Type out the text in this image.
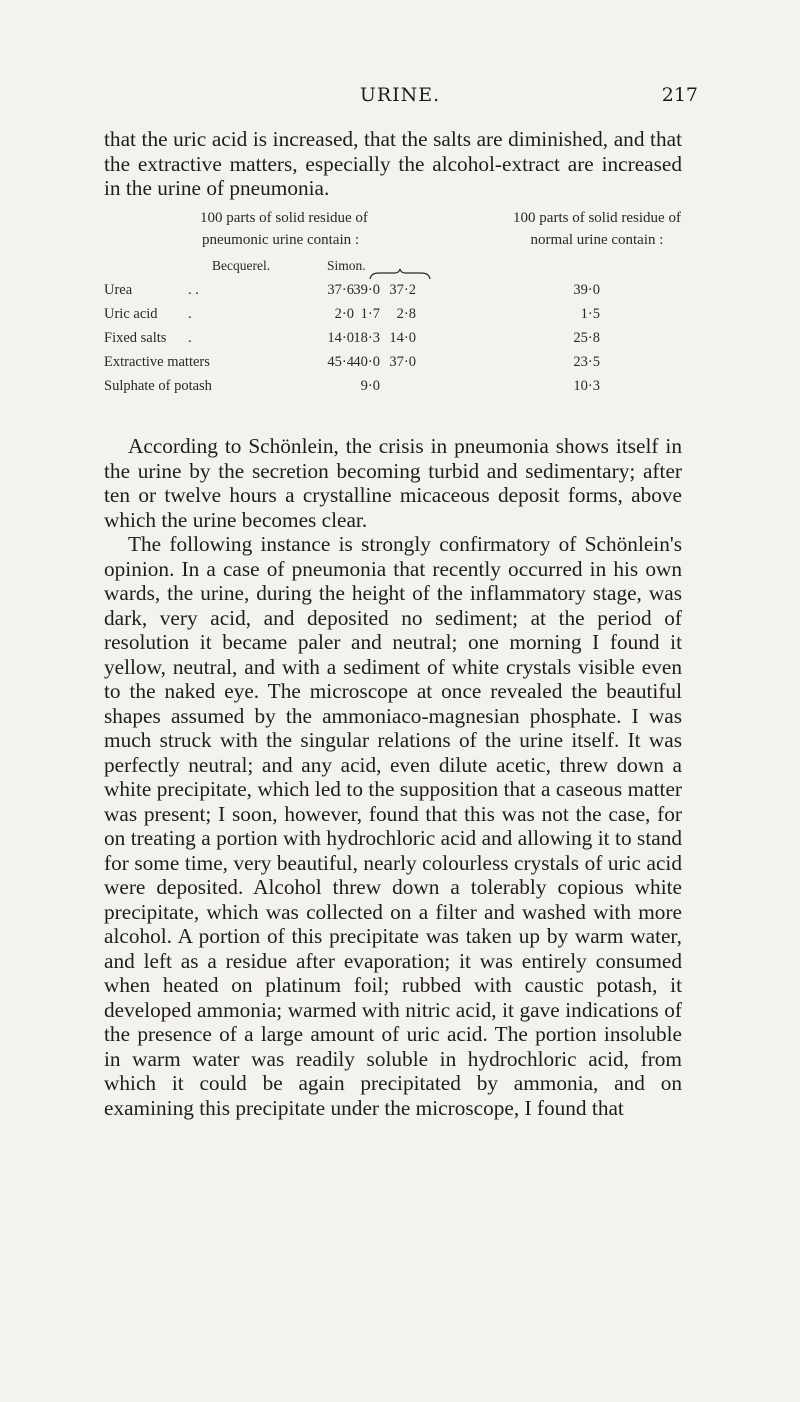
URINE.	217

that the uric acid is increased, that the salts are diminished, and that the extractive matters, especially the alcohol-extract are increased in the urine of pneumonia.

100 parts of solid residue of
pneumonic urine contain :
100 parts of solid residue of
normal urine contain :
Becquerel.	Simon.
Urea	. .	37·6 39·0 37·2	39·0
Uric acid .	2·0 1·7	2·8	1·5
Fixed salts .	14·0 18·3 14·0	25·8
Extractive matters	45·4 40·0 37·0	23·5
Sulphate of potash	9·0	10·3

According to Schönlein, the crisis in pneumonia shows itself in the urine by the secretion becoming turbid and sedimentary; after ten or twelve hours a crystalline micaceous deposit forms, above which the urine becomes clear.

The following instance is strongly confirmatory of Schönlein's opinion. In a case of pneumonia that recently occurred in his own wards, the urine, during the height of the inflammatory stage, was dark, very acid, and deposited no sediment; at the period of resolution it became paler and neutral; one morning I found it yellow, neutral, and with a sediment of white crystals visible even to the naked eye. The microscope at once revealed the beautiful shapes assumed by the ammoniaco-magnesian phosphate. I was much struck with the singular relations of the urine itself. It was perfectly neutral; and any acid, even dilute acetic, threw down a white precipitate, which led to the supposition that a caseous matter was present; I soon, however, found that this was not the case, for on treating a portion with hydrochloric acid and allowing it to stand for some time, very beautiful, nearly colourless crystals of uric acid were deposited. Alcohol threw down a tolerably copious white precipitate, which was collected on a filter and washed with more alcohol. A portion of this precipitate was taken up by warm water, and left as a residue after evaporation; it was entirely consumed when heated on platinum foil; rubbed with caustic potash, it developed ammonia; warmed with nitric acid, it gave indications of the presence of a large amount of uric acid. The portion insoluble in warm water was readily soluble in hydrochloric acid, from which it could be again precipitated by ammonia, and on examining this precipitate under the microscope, I found that
